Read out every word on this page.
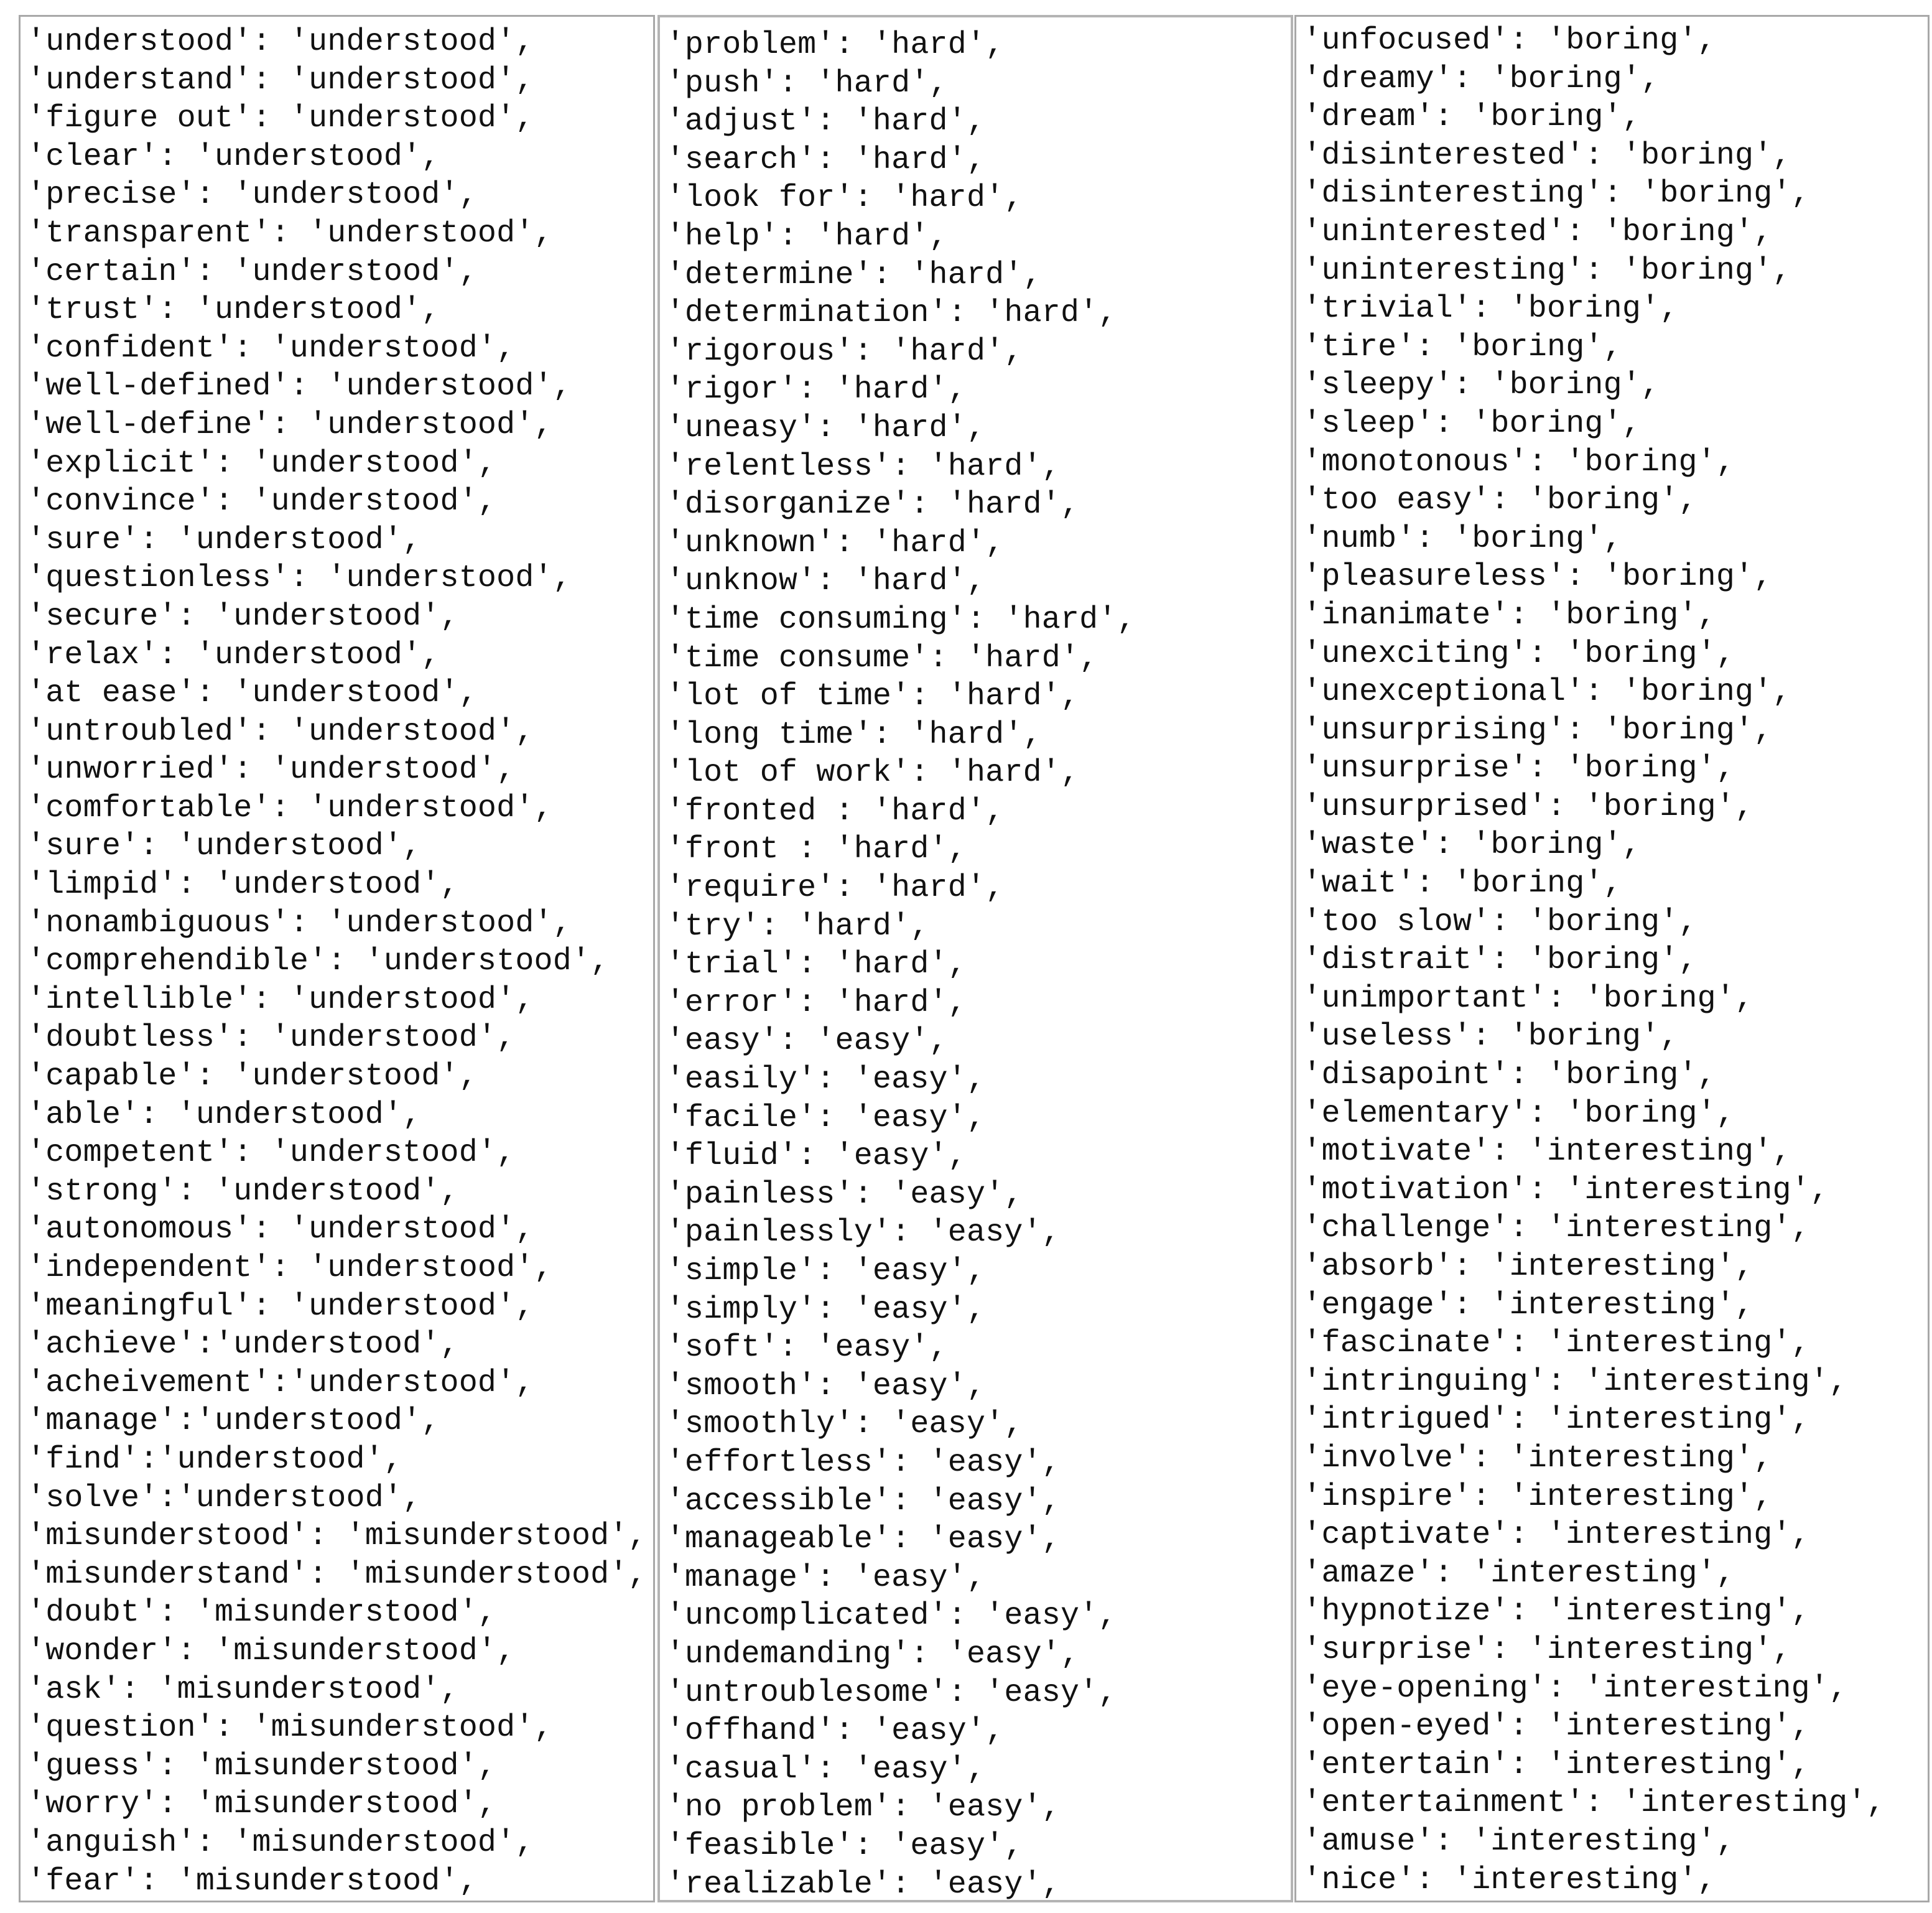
'understood': 'understood',
'understand': 'understood',
'figure out': 'understood',
'clear': 'understood',
'precise': 'understood',
'transparent': 'understood',
'certain': 'understood',
'trust': 'understood',
'confident': 'understood',
'well-defined': 'understood',
'well-define': 'understood',
'explicit': 'understood',
'convince': 'understood',
'sure': 'understood',
'questionless': 'understood',
'secure': 'understood',
'relax': 'understood',
'at ease': 'understood',
'untroubled': 'understood',
'unworried': 'understood',
'comfortable': 'understood',
'sure': 'understood',
'limpid': 'understood',
'nonambiguous': 'understood',
'comprehendible': 'understood',
'intellible': 'understood',
'doubtless': 'understood',
'capable': 'understood',
'able': 'understood',
'competent': 'understood',
'strong': 'understood',
'autonomous': 'understood',
'independent': 'understood',
'meaningful': 'understood',
'achieve':'understood',
'acheivement':'understood',
'manage':'understood',
'find':'understood',
'solve':'understood',
'misunderstood': 'misunderstood',
'misunderstand': 'misunderstood',
'doubt': 'misunderstood',
'wonder': 'misunderstood',
'ask': 'misunderstood',
'question': 'misunderstood',
'guess': 'misunderstood',
'worry': 'misunderstood',
'anguish': 'misunderstood',
'fear': 'misunderstood',
'problem': 'hard',
'push': 'hard',
'adjust': 'hard',
'search': 'hard',
'look for': 'hard',
'help': 'hard',
'determine': 'hard',
'determination': 'hard',
'rigorous': 'hard',
'rigor': 'hard',
'uneasy': 'hard',
'relentless': 'hard',
'disorganize': 'hard',
'unknown': 'hard',
'unknow': 'hard',
'time consuming': 'hard',
'time consume': 'hard',
'lot of time': 'hard',
'long time': 'hard',
'lot of work': 'hard',
'fronted : 'hard',
'front : 'hard',
'require': 'hard',
'try': 'hard',
'trial': 'hard',
'error': 'hard',
'easy': 'easy',
'easily': 'easy',
'facile': 'easy',
'fluid': 'easy',
'painless': 'easy',
'painlessly': 'easy',
'simple': 'easy',
'simply': 'easy',
'soft': 'easy',
'smooth': 'easy',
'smoothly': 'easy',
'effortless': 'easy',
'accessible': 'easy',
'manageable': 'easy',
'manage': 'easy',
'uncomplicated': 'easy',
'undemanding': 'easy',
'untroublesome': 'easy',
'offhand': 'easy',
'casual': 'easy',
'no problem': 'easy',
'feasible': 'easy',
'realizable': 'easy',
'unfocused': 'boring',
'dreamy': 'boring',
'dream': 'boring',
'disinterested': 'boring',
'disinteresting': 'boring',
'uninterested': 'boring',
'uninteresting': 'boring',
'trivial': 'boring',
'tire': 'boring',
'sleepy': 'boring',
'sleep': 'boring',
'monotonous': 'boring',
'too easy': 'boring',
'numb': 'boring',
'pleasureless': 'boring',
'inanimate': 'boring',
'unexciting': 'boring',
'unexceptional': 'boring',
'unsurprising': 'boring',
'unsurprise': 'boring',
'unsurprised': 'boring',
'waste': 'boring',
'wait': 'boring',
'too slow': 'boring',
'distrait': 'boring',
'unimportant': 'boring',
'useless': 'boring',
'disapoint': 'boring',
'elementary': 'boring',
'motivate': 'interesting',
'motivation': 'interesting',
'challenge': 'interesting',
'absorb': 'interesting',
'engage': 'interesting',
'fascinate': 'interesting',
'intringuing': 'interesting',
'intrigued': 'interesting',
'involve': 'interesting',
'inspire': 'interesting',
'captivate': 'interesting',
'amaze': 'interesting',
'hypnotize': 'interesting',
'surprise': 'interesting',
'eye-opening': 'interesting',
'open-eyed': 'interesting',
'entertain': 'interesting',
'entertainment': 'interesting',
'amuse': 'interesting',
'nice': 'interesting',
